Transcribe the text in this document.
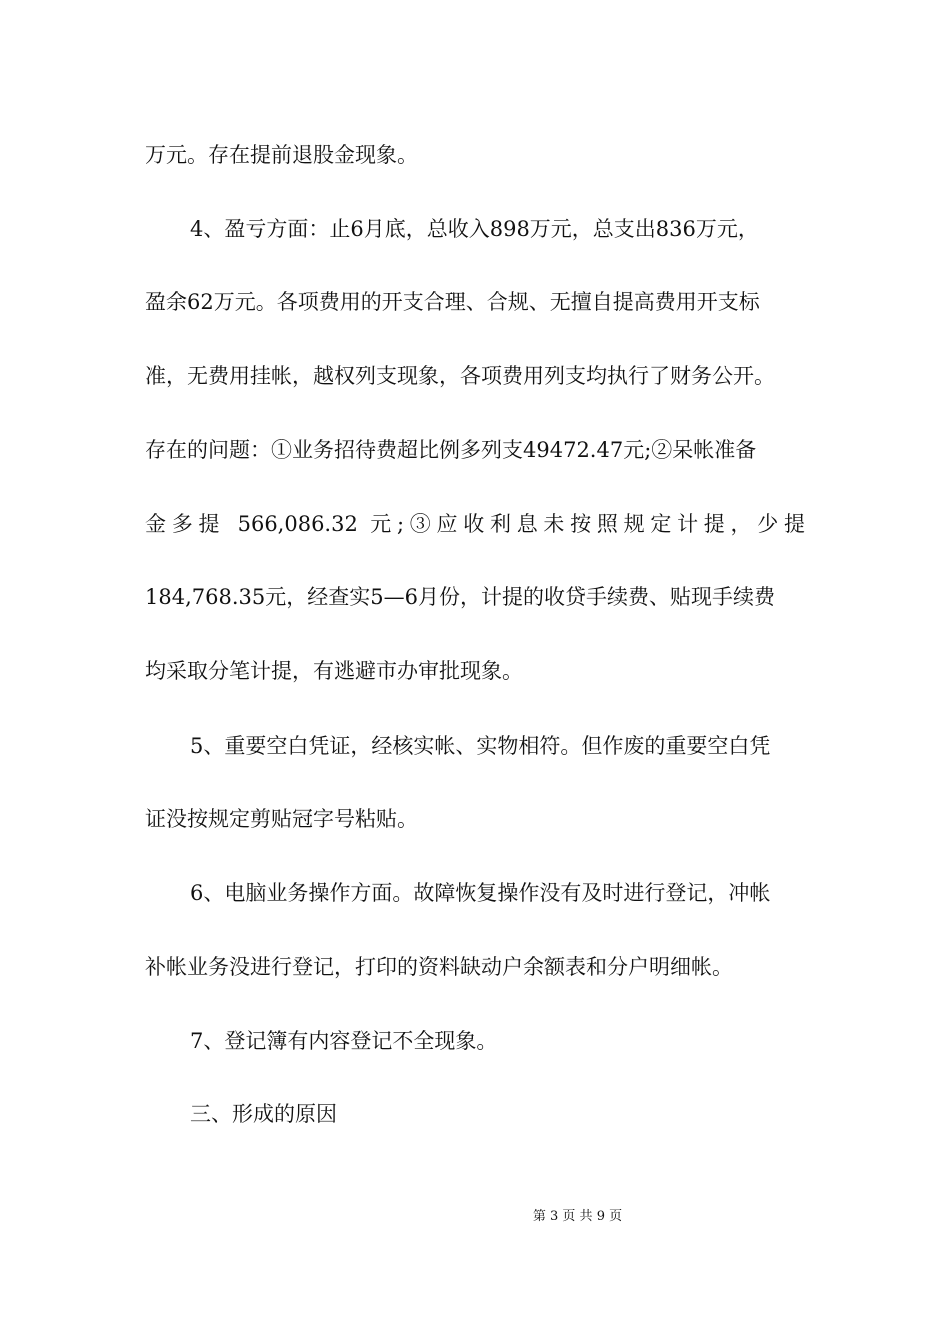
万元。存在提前退股金现象。
4、盈亏方面：止6月底，总收入898万元，总支出836万元，
盈余62万元。各项费用的开支合理、合规、无擅自提高费用开支标
准，无费用挂帐，越权列支现象，各项费用列支均执行了财务公开。
存在的问题：①业务招待费超比例多列支49472.47元;②呆帐准备
金多提 566,086.32 元;③应收利息未按照规定计提，少提
184,768.35元，经查实5—6月份，计提的收贷手续费、贴现手续费
均采取分笔计提，有逃避市办审批现象。
5、重要空白凭证，经核实帐、实物相符。但作废的重要空白凭
证没按规定剪贴冠字号粘贴。
6、电脑业务操作方面。故障恢复操作没有及时进行登记，冲帐
补帐业务没进行登记，打印的资料缺动户余额表和分户明细帐。
7、登记簿有内容登记不全现象。
三、形成的原因
第 3 页 共 9 页
